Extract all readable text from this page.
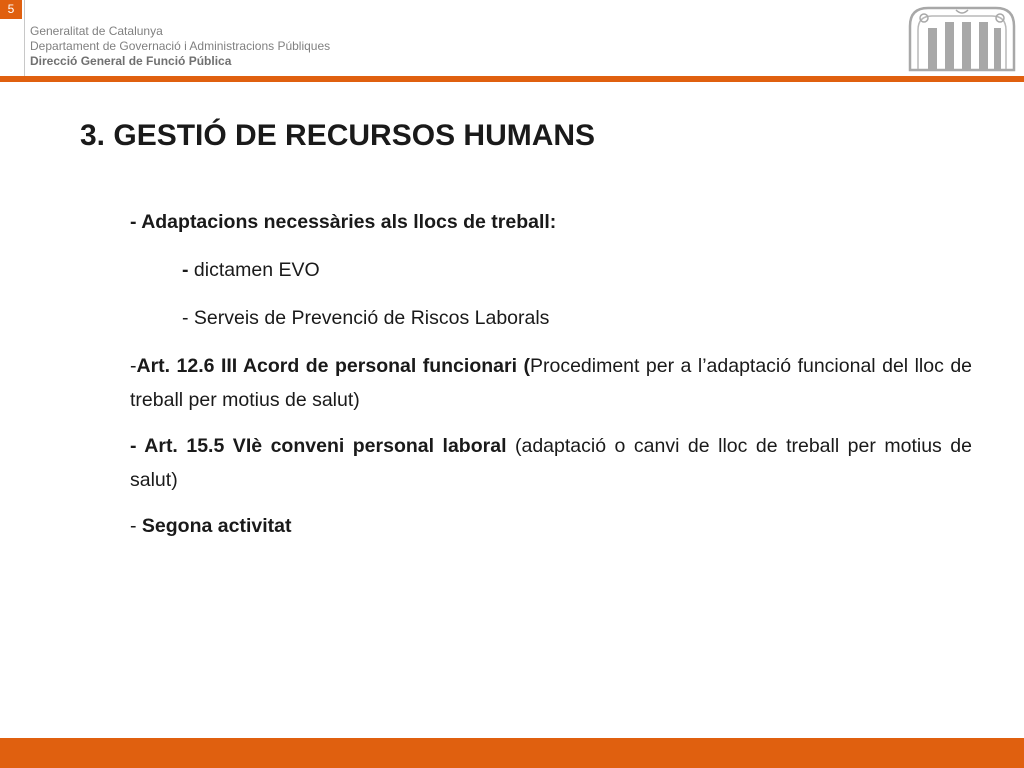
5
Generalitat de Catalunya
Departament de Governació i Administracions Públiques
Direcció General de Funció Pública
3. GESTIÓ DE RECURSOS HUMANS

- Adaptacions necessàries als llocs de treball:

- dictamen EVO

- Serveis de Prevenció de Riscos Laborals

-Art. 12.6 III Acord de personal funcionari (Procediment per a l’adaptació funcional del lloc de treball per motius de salut)

- Art. 15.5 VIè conveni personal laboral (adaptació o canvi de lloc de treball per motius de salut)

- Segona activitat
